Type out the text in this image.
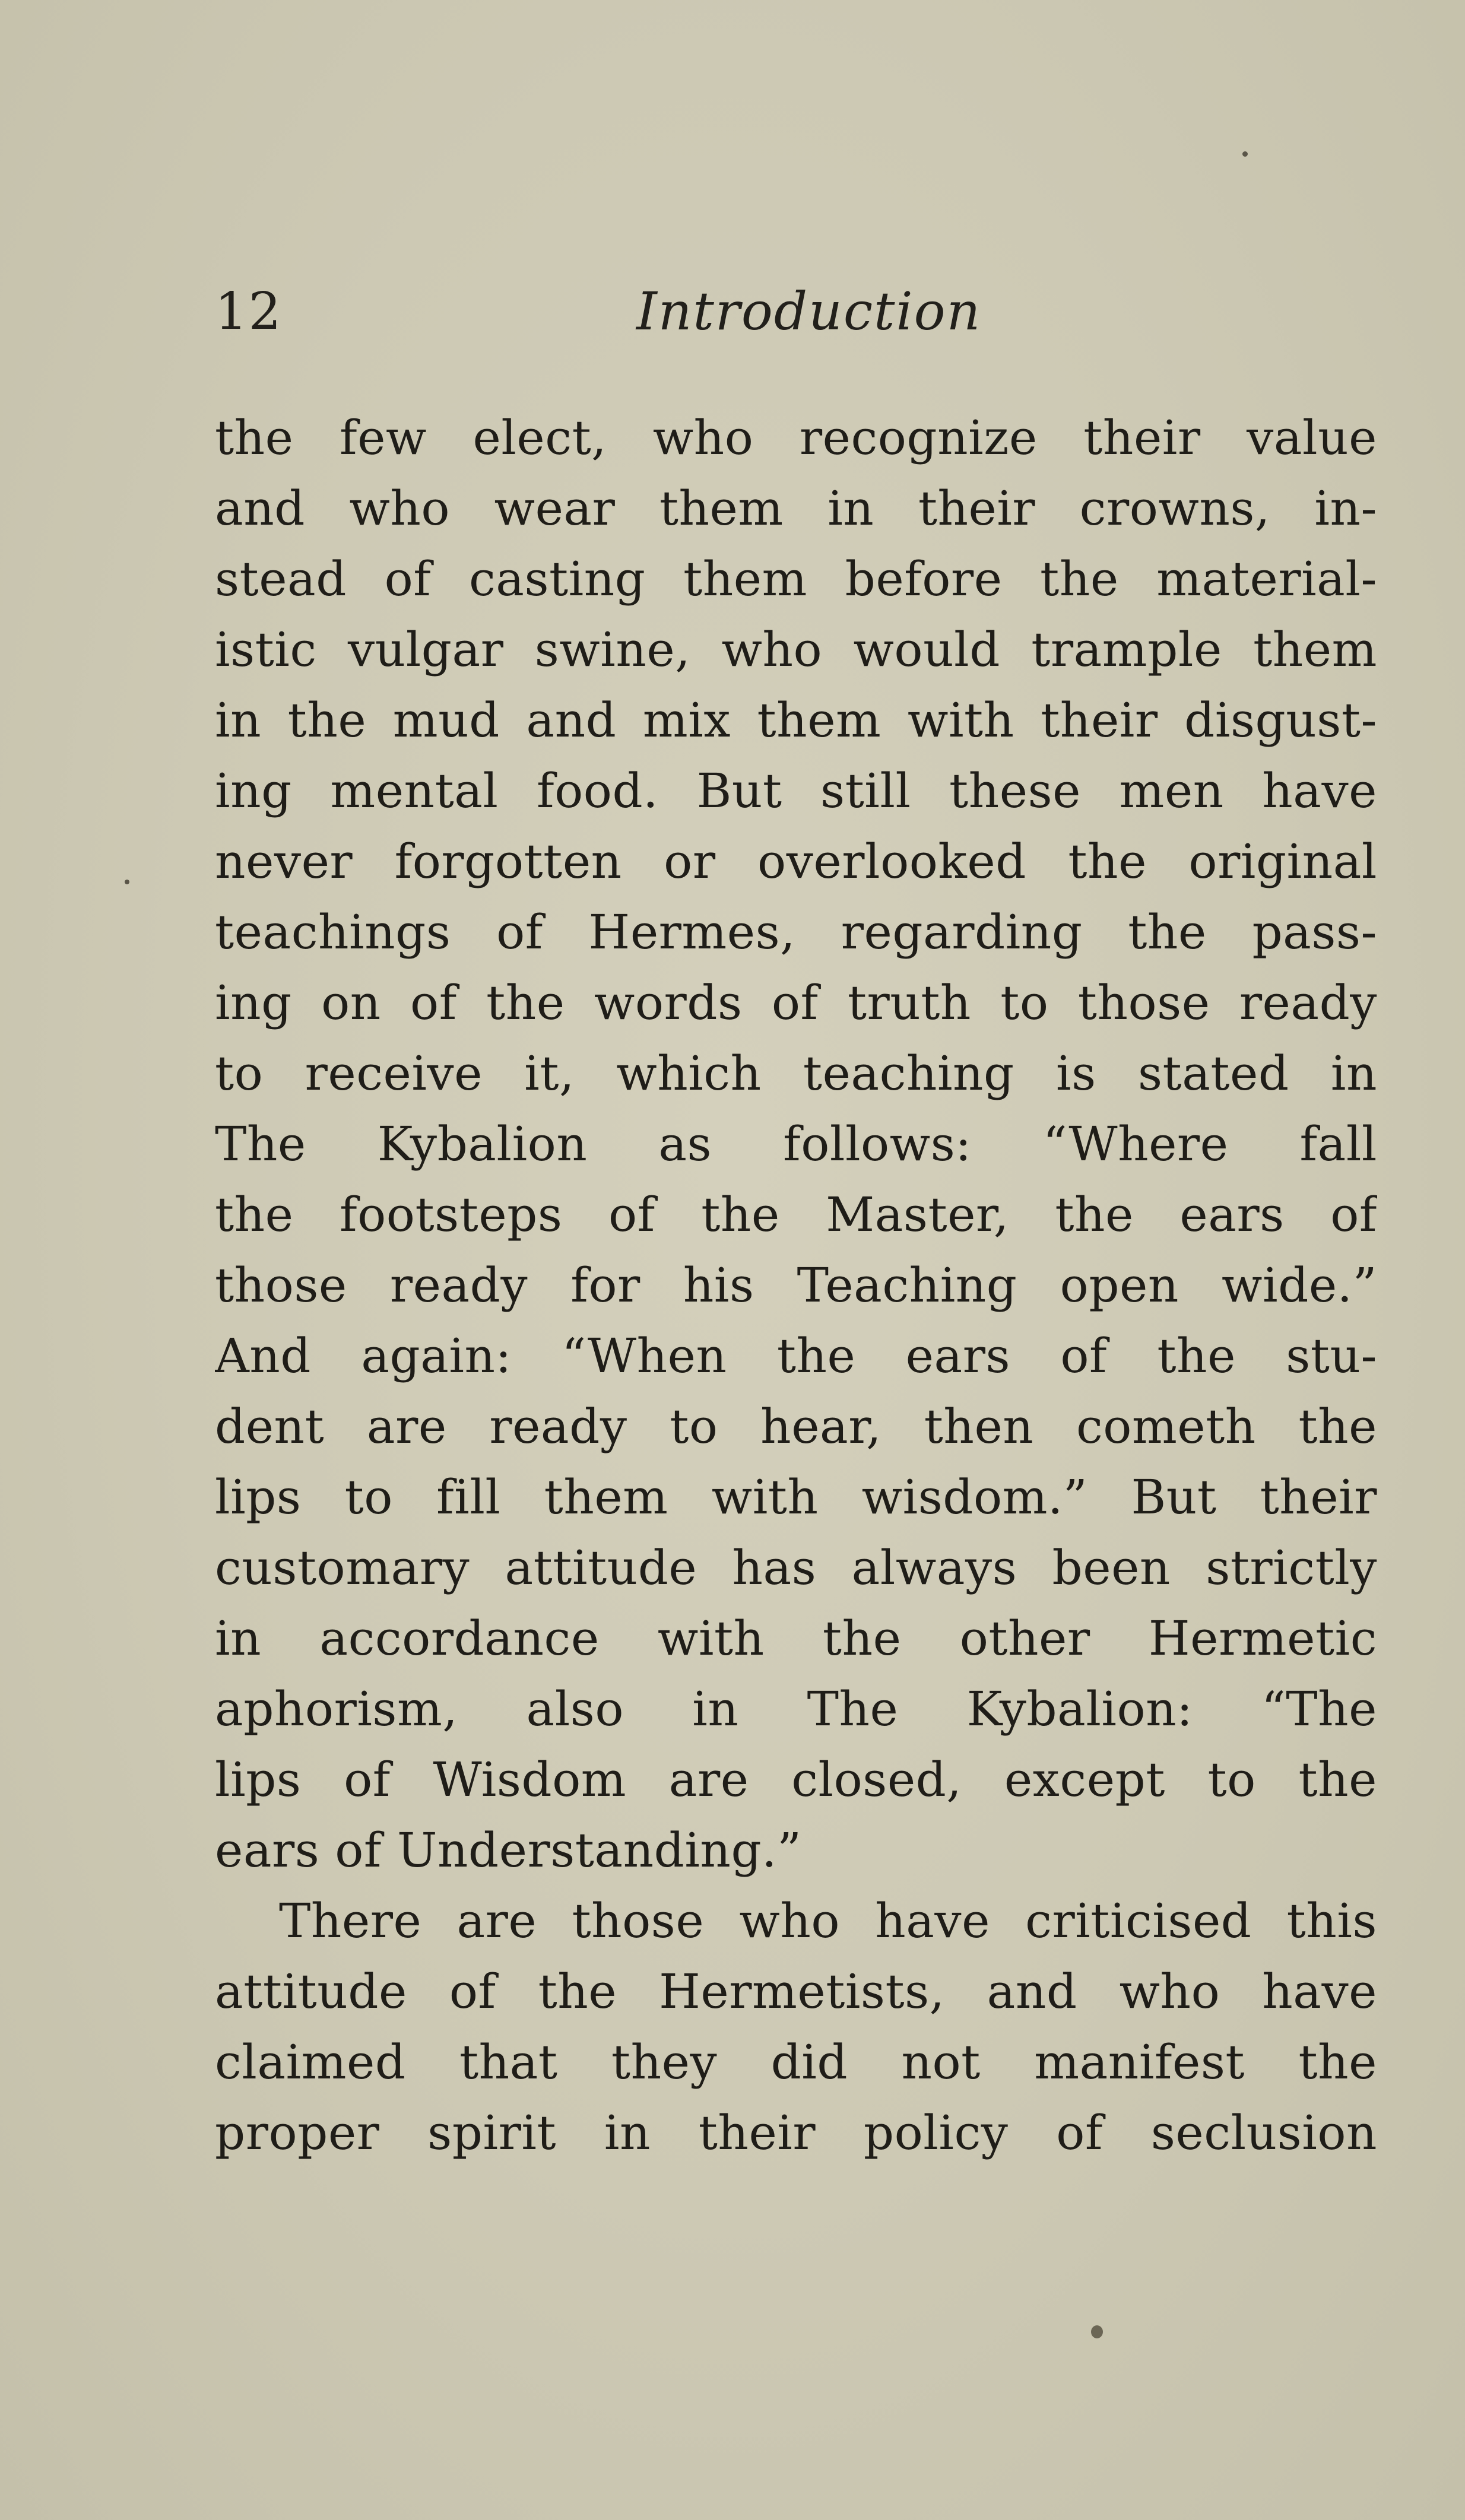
12	Introduction
the few elect, who recognize their value
and who wear them in their crowns, in-
stead of casting them before the material-
istic vulgar swine, who would trample them
in the mud and mix them with their disgust-
ing mental food. But still these men have
never forgotten or overlooked the original
teachings of Hermes, regarding the pass-
ing on of the words of truth to those ready
to receive it, which teaching is stated in
The Kybalion as follows: “Where fall
the footsteps of the Master, the ears of
those ready for his Teaching open wide.”
And again: “When the ears of the stu-
dent are ready to hear, then cometh the
lips to fill them with wisdom.” But their
customary attitude has always been strictly
in accordance with the other Hermetic
aphorism, also in The Kybalion: “The
lips of Wisdom are closed, except to the
ears of Understanding.”
There are those who have criticised this
attitude of the Hermetists, and who have
claimed that they did not manifest the
proper spirit in their policy of seclusion
